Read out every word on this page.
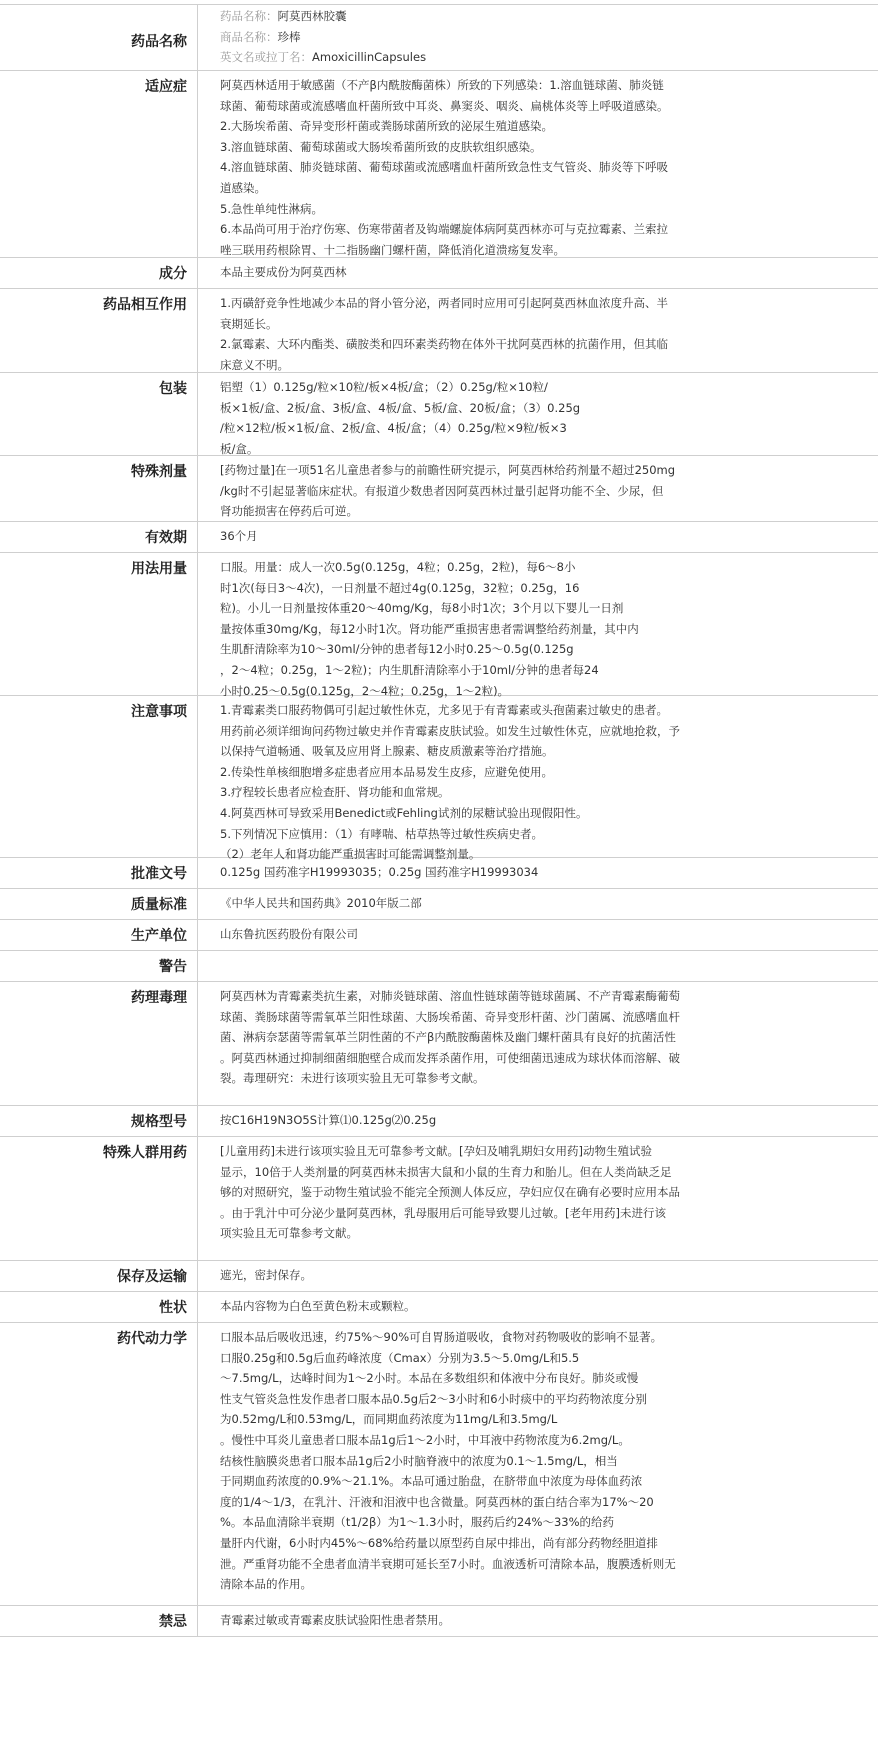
药品名称
药品名称：阿莫西林胶囊
商品名称：珍棒
英文名或拉丁名：AmoxicillinCapsules
适应症	阿莫西林适用于敏感菌（不产β内酰胺酶菌株）所致的下列感染：1.溶血链球菌、肺炎链
球菌、葡萄球菌或流感嗜血杆菌所致中耳炎、鼻窦炎、咽炎、扁桃体炎等上呼吸道感染。
2.大肠埃希菌、奇异变形杆菌或粪肠球菌所致的泌尿生殖道感染。
3.溶血链球菌、葡萄球菌或大肠埃希菌所致的皮肤软组织感染。
4.溶血链球菌、肺炎链球菌、葡萄球菌或流感嗜血杆菌所致急性支气管炎、肺炎等下呼吸
道感染。
5.急性单纯性淋病。
6.本品尚可用于治疗伤寒、伤寒带菌者及钩端螺旋体病阿莫西林亦可与克拉霉素、兰索拉
唑三联用药根除胃、十二指肠幽门螺杆菌，降低消化道溃疡复发率。
成分	本品主要成份为阿莫西林
药品相互作用	1.丙磺舒竞争性地减少本品的肾小管分泌，两者同时应用可引起阿莫西林血浓度升高、半
衰期延长。
2.氯霉素、大环内酯类、磺胺类和四环素类药物在体外干扰阿莫西林的抗菌作用，但其临
床意义不明。
包装	铝塑（1）0.125g/粒×10粒/板×4板/盒；（2）0.25g/粒×10粒/
板×1板/盒、2板/盒、3板/盒、4板/盒、5板/盒、20板/盒；（3）0.25g
/粒×12粒/板×1板/盒、2板/盒、4板/盒；（4）0.25g/粒×9粒/板×3
板/盒。
特殊剂量	[药物过量]在一项51名儿童患者参与的前瞻性研究提示，阿莫西林给药剂量不超过250mg
/kg时不引起显著临床症状。有报道少数患者因阿莫西林过量引起肾功能不全、少尿，但
肾功能损害在停药后可逆。
有效期	36个月
用法用量	口服。用量：成人一次0.5g(0.125g，4粒；0.25g，2粒)，每6～8小
时1次(每日3～4次)，一日剂量不超过4g(0.125g，32粒；0.25g，16
粒)。小儿一日剂量按体重20～40mg/Kg，每8小时1次；3个月以下婴儿一日剂
量按体重30mg/Kg，每12小时1次。肾功能严重损害患者需调整给药剂量，其中内
生肌酐清除率为10～30ml/分钟的患者每12小时0.25～0.5g(0.125g
，2～4粒；0.25g，1～2粒)；内生肌酐清除率小于10ml/分钟的患者每24
小时0.25～0.5g(0.125g，2～4粒；0.25g，1～2粒)。
注意事项	1.青霉素类口服药物偶可引起过敏性休克，尤多见于有青霉素或头孢菌素过敏史的患者。
用药前必须详细询问药物过敏史并作青霉素皮肤试验。如发生过敏性休克，应就地抢救，予
以保持气道畅通、吸氧及应用肾上腺素、糖皮质激素等治疗措施。
2.传染性单核细胞增多症患者应用本品易发生皮疹，应避免使用。
3.疗程较长患者应检查肝、肾功能和血常规。
4.阿莫西林可导致采用Benedict或Fehling试剂的尿糖试验出现假阳性。
5.下列情况下应慎用：（1）有哮喘、枯草热等过敏性疾病史者。
（2）老年人和肾功能严重损害时可能需调整剂量。
批准文号	0.125g 国药准字H19993035；0.25g 国药准字H19993034
质量标准	《中华人民共和国药典》2010年版二部
生产单位	山东鲁抗医药股份有限公司
警告
药理毒理	阿莫西林为青霉素类抗生素，对肺炎链球菌、溶血性链球菌等链球菌属、不产青霉素酶葡萄
球菌、粪肠球菌等需氧革兰阳性球菌、大肠埃希菌、奇异变形杆菌、沙门菌属、流感嗜血杆
菌、淋病奈瑟菌等需氧革兰阴性菌的不产β内酰胺酶菌株及幽门螺杆菌具有良好的抗菌活性
。阿莫西林通过抑制细菌细胞壁合成而发挥杀菌作用，可使细菌迅速成为球状体而溶解、破
裂。毒理研究：未进行该项实验且无可靠参考文献。
规格型号	按C16H19N3O5S计算⑴0.125g⑵0.25g
特殊人群用药	[儿童用药]未进行该项实验且无可靠参考文献。[孕妇及哺乳期妇女用药]动物生殖试验
显示，10倍于人类剂量的阿莫西林未损害大鼠和小鼠的生育力和胎儿。但在人类尚缺乏足
够的对照研究，鉴于动物生殖试验不能完全预测人体反应，孕妇应仅在确有必要时应用本品
。由于乳汁中可分泌少量阿莫西林，乳母服用后可能导致婴儿过敏。[老年用药]未进行该
项实验且无可靠参考文献。
保存及运输	遮光，密封保存。
性状	本品内容物为白色至黄色粉末或颗粒。
药代动力学	口服本品后吸收迅速，约75%～90%可自胃肠道吸收，食物对药物吸收的影响不显著。
口服0.25g和0.5g后血药峰浓度（Cmax）分别为3.5～5.0mg/L和5.5
～7.5mg/L，达峰时间为1～2小时。本品在多数组织和体液中分布良好。肺炎或慢
性支气管炎急性发作患者口服本品0.5g后2～3小时和6小时痰中的平均药物浓度分别
为0.52mg/L和0.53mg/L，而同期血药浓度为11mg/L和3.5mg/L
。慢性中耳炎儿童患者口服本品1g后1～2小时，中耳液中药物浓度为6.2mg/L。
结核性脑膜炎患者口服本品1g后2小时脑脊液中的浓度为0.1～1.5mg/L，相当
于同期血药浓度的0.9%～21.1%。本品可通过胎盘，在脐带血中浓度为母体血药浓
度的1/4～1/3，在乳汁、汗液和泪液中也含微量。阿莫西林的蛋白结合率为17%～20
%。本品血清除半衰期（t1/2β）为1～1.3小时，服药后约24%～33%的给药
量肝内代谢，6小时内45%～68%给药量以原型药自尿中排出，尚有部分药物经胆道排
泄。严重肾功能不全患者血清半衰期可延长至7小时。血液透析可清除本品，腹膜透析则无
清除本品的作用。
禁忌	青霉素过敏或青霉素皮肤试验阳性患者禁用。
